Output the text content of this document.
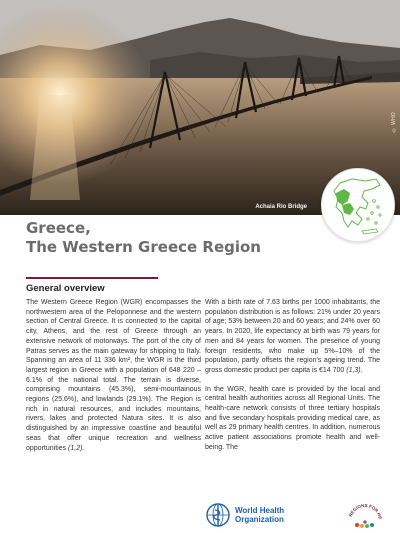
© WHO
Achaia Rio Bridge
Greece,
The Western Greece Region
General overview

The Western Greece Region (WGR) encompasses the northwestern area of the Peloponnese and the western section of Central Greece. It is connected to the capital city, Athens, and the rest of Greece through an extensive network of motorways. The port of the city of Patras serves as the main gateway for shipping to Italy. Spanning an area of 11 336 km², the WGR is the third largest region in Greece with a population of 648 220 – 6.1% of the national total. The terrain is diverse, comprising mountains (45.3%), semi-mountainous regions (25.6%), and lowlands (29.1%). The Region is rich in natural resources, and includes mountains, rivers, lakes and protected Natura sites. It is also distinguished by an impressive coastline and beautiful seas that offer unique recreation and wellness opportunities (1,2).

With a birth rate of 7.63 births per 1000 inhabitants, the population distribution is as follows: 21% under 20 years of age; 53% between 20 and 60 years; and 24% over 60 years. In 2020, life expectancy at birth was 79 years for men and 84 years for women. The presence of young foreign residents, who make up 5%–10% of the population, partly offsets the region's ageing trend. The gross domestic product per capita is €14 700 (1,3).

In the WGR, health care is provided by the local and central health authorities across all Regional Units. The health-care network consists of three tertiary hospitals and five secondary hospitals providing medical care, as well as 29 primary health centres. In addition, numerous active patient associations promote health and well-being. The

World Health
Organization
REGIONS FOR HE
